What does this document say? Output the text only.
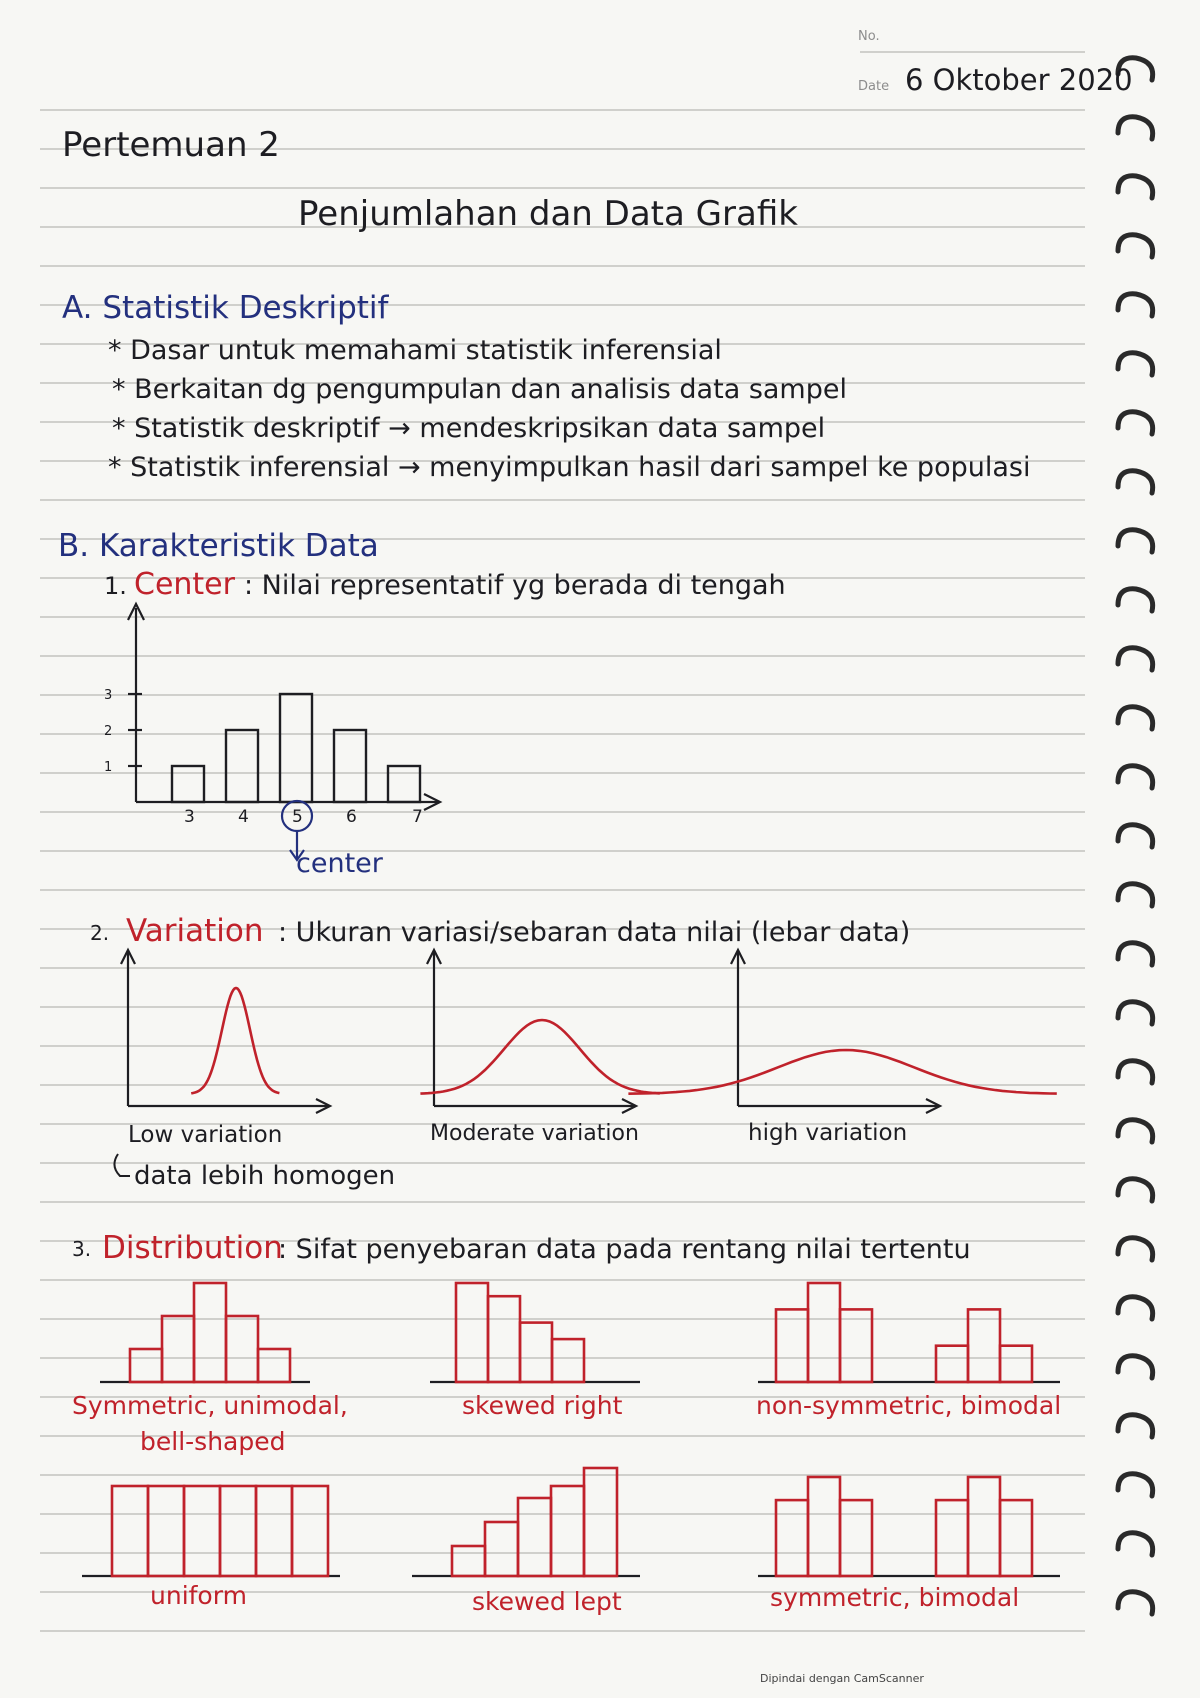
No.
Date 6 Oktober 2020
Pertemuan 2
Penjumlahan dan Data Grafik
A. Statistik Deskriptif
* Dasar untuk memahami statistik inferensial
* Berkaitan dg pengumpulan dan analisis data sampel
* Statistik deskriptif → mendeskripsikan data sampel
* Statistik inferensial → menyimpulkan hasil dari sampel ke populasi
B. Karakteristik Data
1. Center : Nilai representatif yg berada di tengah
1
2
3
3	4	5	6	7
center
2. Variation : Ukuran variasi/sebaran data nilai (lebar data)
Low variation	Moderate variation	high variation
data lebih homogen
3. Distribution
: Sifat penyebaran data pada rentang nilai tertentu
Symmetric, unimodal,
bell-shaped
skewed right	non-symmetric, bimodal
uniform	skewed lept	symmetric, bimodal
Dipindai dengan CamScanner
